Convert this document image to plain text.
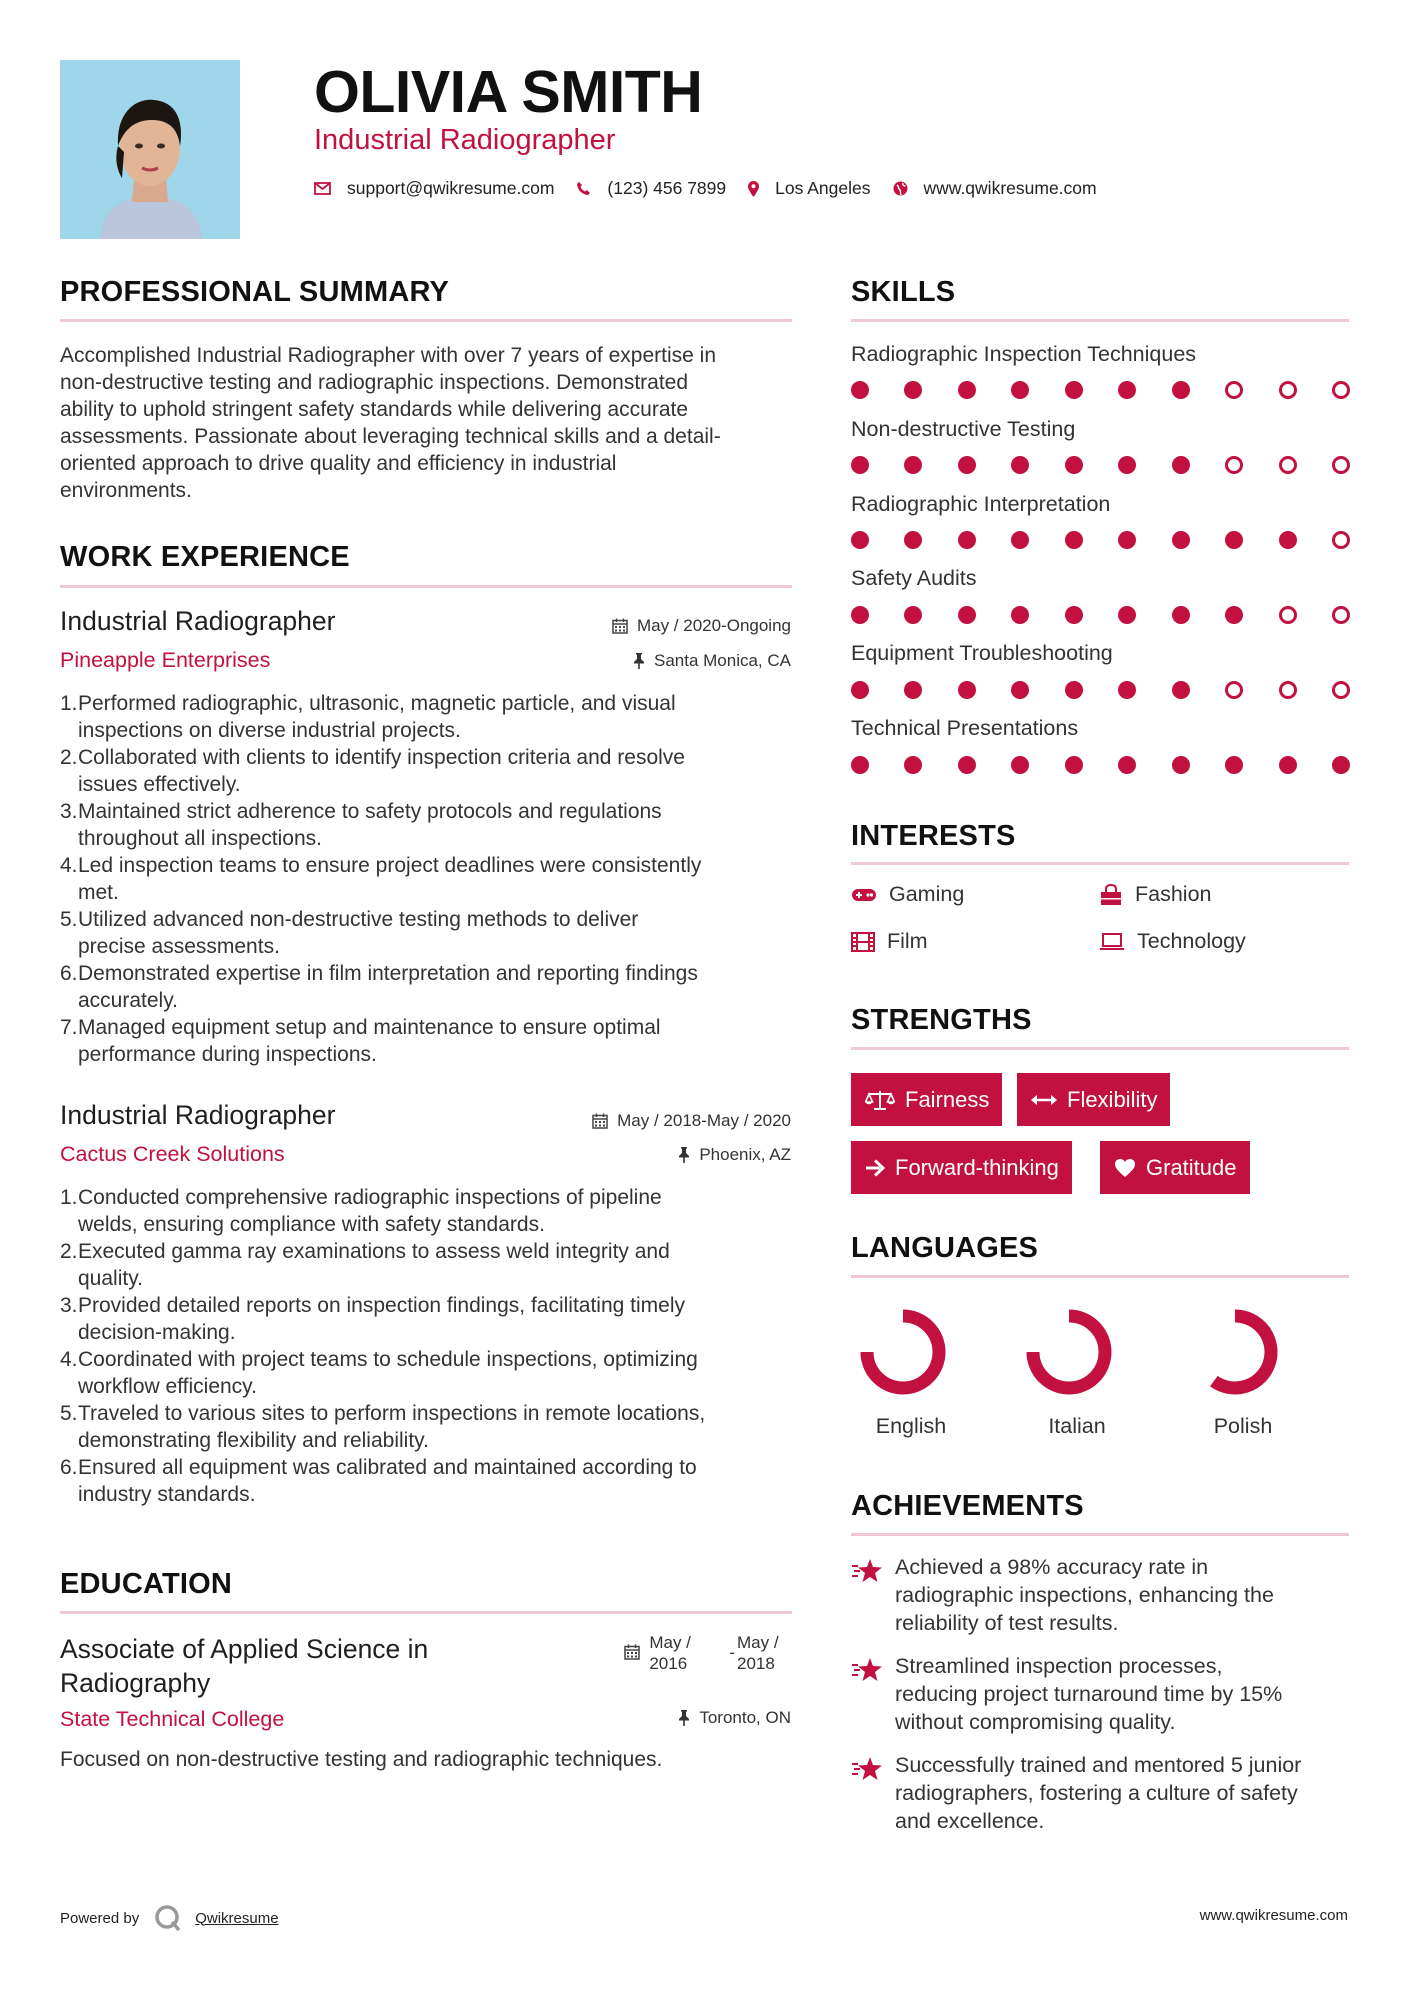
OLIVIA SMITH
Industrial Radiographer
support@qwikresume.com	(123) 456 7899	Los Angeles	www.qwikresume.com
PROFESSIONAL SUMMARY
Accomplished Industrial Radiographer with over 7 years of expertise in
non-destructive testing and radiographic inspections. Demonstrated
ability to uphold stringent safety standards while delivering accurate
assessments. Passionate about leveraging technical skills and a detail-
oriented approach to drive quality and efficiency in industrial
environments.
WORK EXPERIENCE
Industrial Radiographer
Pineapple Enterprises
May / 2020-Ongoing
Santa Monica, CA
1. Performed radiographic, ultrasonic, magnetic particle, and visual
inspections on diverse industrial projects.
2. Collaborated with clients to identify inspection criteria and resolve
issues effectively.
3. Maintained strict adherence to safety protocols and regulations
throughout all inspections.
4. Led inspection teams to ensure project deadlines were consistently
met.
5. Utilized advanced non-destructive testing methods to deliver
precise assessments.
6. Demonstrated expertise in film interpretation and reporting findings
accurately.
7. Managed equipment setup and maintenance to ensure optimal
performance during inspections.
Industrial Radiographer
Cactus Creek Solutions
May / 2018-May / 2020
Phoenix, AZ
1. Conducted comprehensive radiographic inspections of pipeline
welds, ensuring compliance with safety standards.
2. Executed gamma ray examinations to assess weld integrity and
quality.
3. Provided detailed reports on inspection findings, facilitating timely
decision-making.
4. Coordinated with project teams to schedule inspections, optimizing
workflow efficiency.
5. Traveled to various sites to perform inspections in remote locations,
demonstrating flexibility and reliability.
6. Ensured all equipment was calibrated and maintained according to
industry standards.
EDUCATION
Associate of Applied Science in
Radiography
State Technical College
May /
2016
-
May /
2018
Toronto, ON
Focused on non-destructive testing and radiographic techniques.
SKILLS
Radiographic Inspection Techniques
Non-destructive Testing
Radiographic Interpretation
Safety Audits
Equipment Troubleshooting
Technical Presentations
INTERESTS
Gaming	Fashion
Film	Technology
STRENGTHS
Fairness	Flexibility
Forward-thinking	Gratitude
LANGUAGES
English	Italian	Polish
ACHIEVEMENTS
Achieved a 98% accuracy rate in
radiographic inspections, enhancing the
reliability of test results.
Streamlined inspection processes,
reducing project turnaround time by 15%
without compromising quality.
Successfully trained and mentored 5 junior
radiographers, fostering a culture of safety
and excellence.
Powered by	Qwikresume	www.qwikresume.com
